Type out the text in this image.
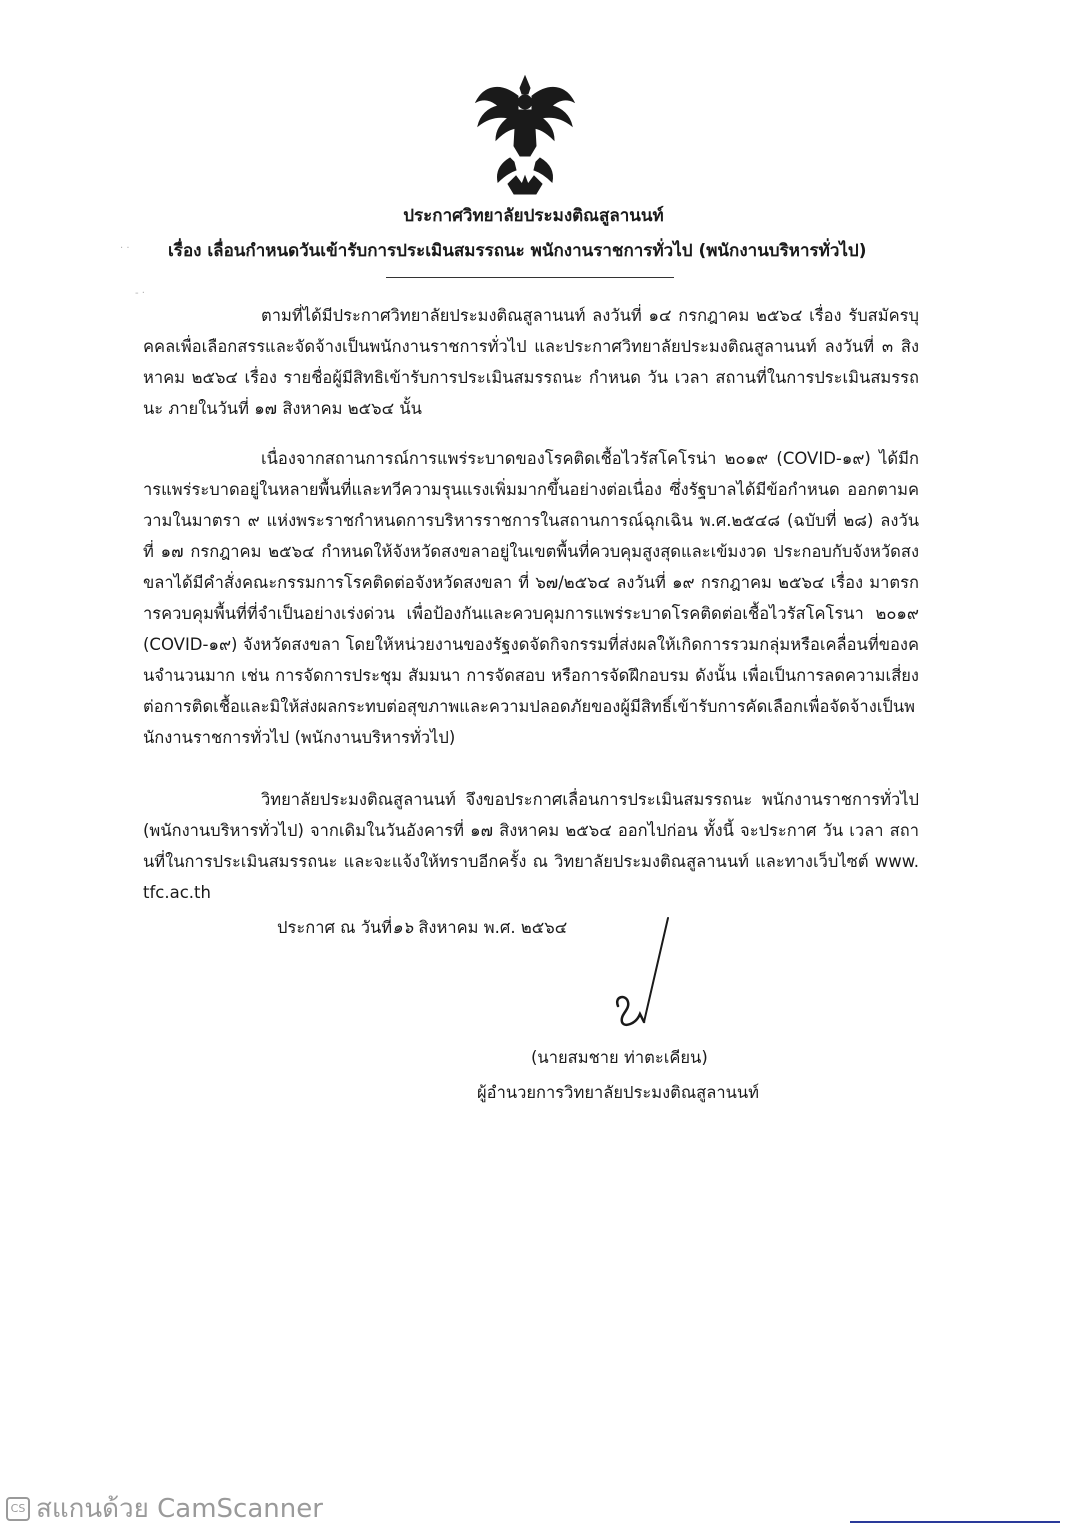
ประกาศวิทยาลัยประมงติณสูลานนท์
เรื่อง เลื่อนกำหนดวันเข้ารับการประเมินสมรรถนะ พนักงานราชการทั่วไป (พนักงานบริหารทั่วไป)
· ·
- ·
ตามที่ได้มีประกาศวิทยาลัยประมงติณสูลานนท์ ลงวันที่ ๑๔ กรกฎาคม ๒๕๖๔ เรื่อง รับสมัครบุคคลเพื่อเลือกสรรและจัดจ้างเป็นพนักงานราชการทั่วไป และประกาศวิทยาลัยประมงติณสูลานนท์ ลงวันที่ ๓ สิงหาคม ๒๕๖๔ เรื่อง รายชื่อผู้มีสิทธิเข้ารับการประเมินสมรรถนะ กำหนด วัน เวลา สถานที่ในการประเมินสมรรถนะ ภายในวันที่ ๑๗ สิงหาคม ๒๕๖๔ นั้น
เนื่องจากสถานการณ์การแพร่ระบาดของโรคติดเชื้อไวรัสโคโรน่า ๒๐๑๙ (COVID-๑๙) ได้มีการแพร่ระบาดอยู่ในหลายพื้นที่และทวีความรุนแรงเพิ่มมากขึ้นอย่างต่อเนื่อง ซึ่งรัฐบาลได้มีข้อกำหนด ออกตามความในมาตรา ๙ แห่งพระราชกำหนดการบริหารราชการในสถานการณ์ฉุกเฉิน พ.ศ.๒๕๔๘ (ฉบับที่ ๒๘) ลงวันที่ ๑๗ กรกฎาคม ๒๕๖๔ กำหนดให้จังหวัดสงขลาอยู่ในเขตพื้นที่ควบคุมสูงสุดและเข้มงวด ประกอบกับจังหวัดสงขลาได้มีคำสั่งคณะกรรมการโรคติดต่อจังหวัดสงขลา ที่ ๖๗/๒๕๖๔ ลงวันที่ ๑๙ กรกฎาคม ๒๕๖๔ เรื่อง มาตรการควบคุมพื้นที่ที่จำเป็นอย่างเร่งด่วน เพื่อป้องกันและควบคุมการแพร่ระบาดโรคติดต่อเชื้อไวรัสโคโรนา ๒๐๑๙ (COVID-๑๙) จังหวัดสงขลา โดยให้หน่วยงานของรัฐงดจัดกิจกรรมที่ส่งผลให้เกิดการรวมกลุ่มหรือเคลื่อนที่ของคนจำนวนมาก เช่น การจัดการประชุม สัมมนา การจัดสอบ หรือการจัดฝึกอบรม ดังนั้น เพื่อเป็นการลดความเสี่ยงต่อการติดเชื้อและมิให้ส่งผลกระทบต่อสุขภาพและความปลอดภัยของผู้มีสิทธิ์เข้ารับการคัดเลือกเพื่อจัดจ้างเป็นพนักงานราชการทั่วไป (พนักงานบริหารทั่วไป)
วิทยาลัยประมงติณสูลานนท์ จึงขอประกาศเลื่อนการประเมินสมรรถนะ พนักงานราชการทั่วไป (พนักงานบริหารทั่วไป) จากเดิมในวันอังคารที่ ๑๗ สิงหาคม ๒๕๖๔ ออกไปก่อน ทั้งนี้ จะประกาศ วัน เวลา สถานที่ในการประเมินสมรรถนะ และจะแจ้งให้ทราบอีกครั้ง ณ วิทยาลัยประมงติณสูลานนท์ และทางเว็บไซต์ www.tfc.ac.th
ประกาศ ณ วันที่๑๖ สิงหาคม พ.ศ. ๒๕๖๔
(นายสมชาย ท่าตะเคียน)
ผู้อำนวยการวิทยาลัยประมงติณสูลานนท์
CS สแกนด้วย CamScanner
